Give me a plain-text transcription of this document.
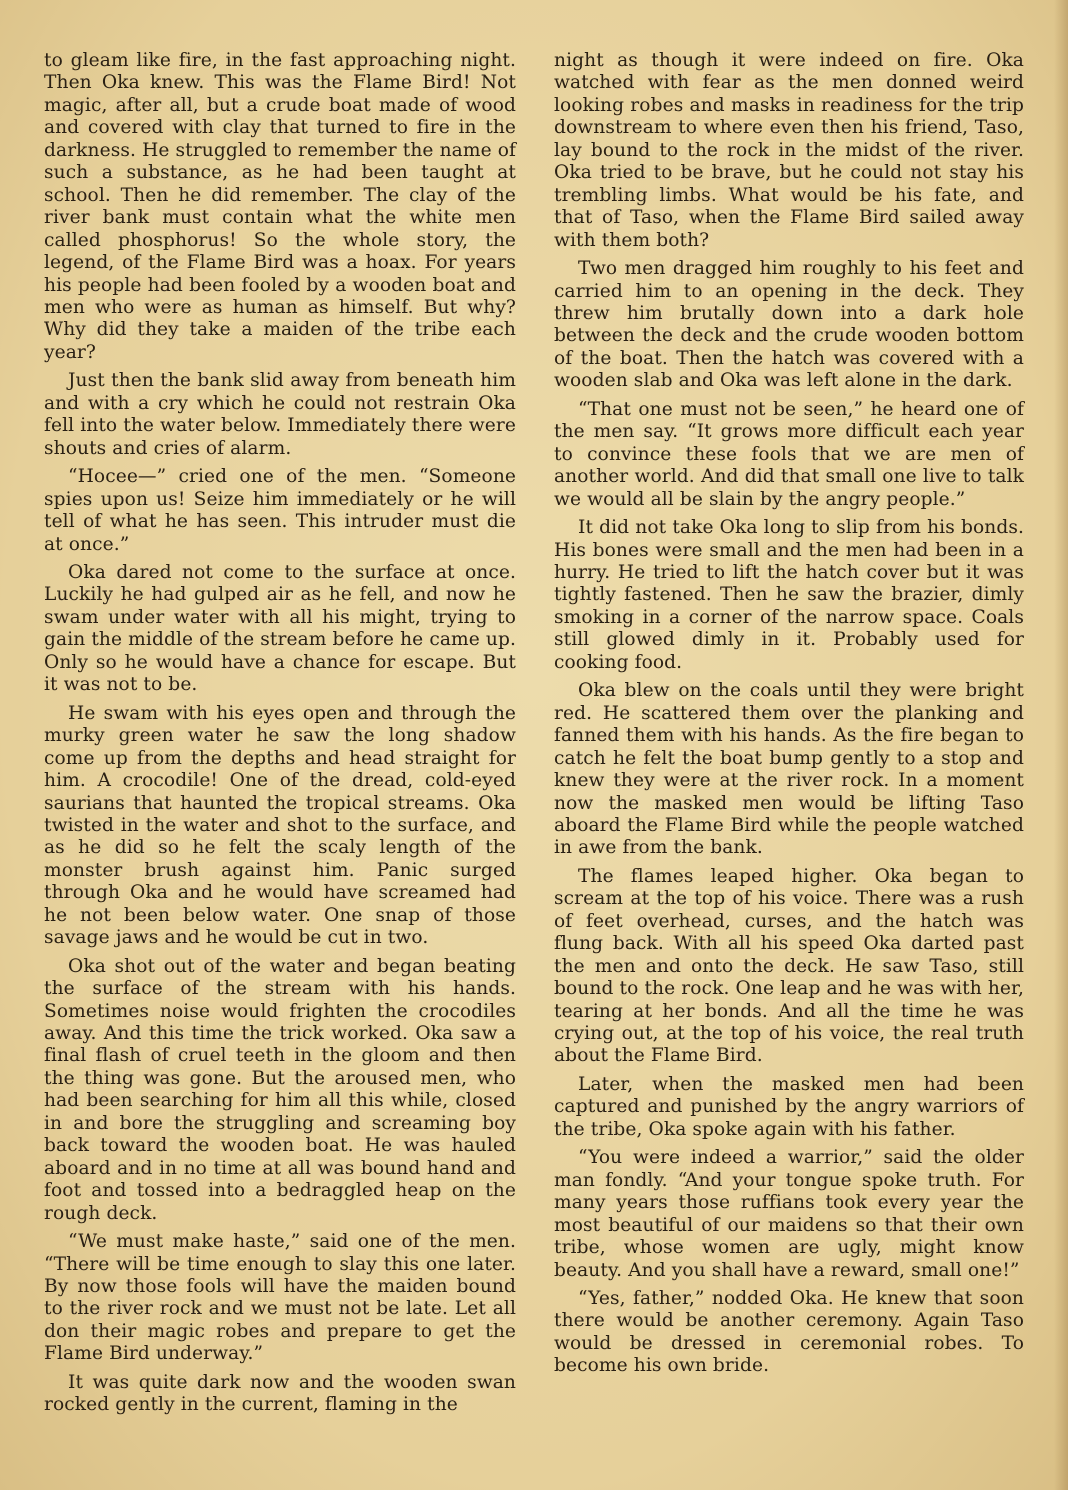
to gleam like fire, in the fast approaching night. Then Oka knew. This was the Flame Bird! Not magic, after all, but a crude boat made of wood and covered with clay that turned to fire in the darkness. He struggled to remember the name of such a substance, as he had been taught at school. Then he did remember. The clay of the river bank must contain what the white men called phosphorus! So the whole story, the legend, of the Flame Bird was a hoax. For years his people had been fooled by a wooden boat and men who were as human as himself. But why? Why did they take a maiden of the tribe each year?

Just then the bank slid away from beneath him and with a cry which he could not restrain Oka fell into the water below. Immediately there were shouts and cries of alarm.

“Hocee—” cried one of the men. “Someone spies upon us! Seize him immediately or he will tell of what he has seen. This intruder must die at once.”

Oka dared not come to the surface at once. Luckily he had gulped air as he fell, and now he swam under water with all his might, trying to gain the middle of the stream before he came up. Only so he would have a chance for escape. But it was not to be.

He swam with his eyes open and through the murky green water he saw the long shadow come up from the depths and head straight for him. A crocodile! One of the dread, cold-eyed saurians that haunted the tropical streams. Oka twisted in the water and shot to the surface, and as he did so he felt the scaly length of the monster brush against him. Panic surged through Oka and he would have screamed had he not been below water. One snap of those savage jaws and he would be cut in two.

Oka shot out of the water and began beating the surface of the stream with his hands. Sometimes noise would frighten the crocodiles away. And this time the trick worked. Oka saw a final flash of cruel teeth in the gloom and then the thing was gone. But the aroused men, who had been searching for him all this while, closed in and bore the struggling and screaming boy back toward the wooden boat. He was hauled aboard and in no time at all was bound hand and foot and tossed into a bedraggled heap on the rough deck.

“We must make haste,” said one of the men. “There will be time enough to slay this one later. By now those fools will have the maiden bound to the river rock and we must not be late. Let all don their magic robes and prepare to get the Flame Bird underway.”

It was quite dark now and the wooden swan rocked gently in the current, flaming in the

night as though it were indeed on fire. Oka watched with fear as the men donned weird looking robes and masks in readiness for the trip downstream to where even then his friend, Taso, lay bound to the rock in the midst of the river. Oka tried to be brave, but he could not stay his trembling limbs. What would be his fate, and that of Taso, when the Flame Bird sailed away with them both?

Two men dragged him roughly to his feet and carried him to an opening in the deck. They threw him brutally down into a dark hole between the deck and the crude wooden bottom of the boat. Then the hatch was covered with a wooden slab and Oka was left alone in the dark.

“That one must not be seen,” he heard one of the men say. “It grows more difficult each year to convince these fools that we are men of another world. And did that small one live to talk we would all be slain by the angry people.”

It did not take Oka long to slip from his bonds. His bones were small and the men had been in a hurry. He tried to lift the hatch cover but it was tightly fastened. Then he saw the brazier, dimly smoking in a corner of the narrow space. Coals still glowed dimly in it. Probably used for cooking food.

Oka blew on the coals until they were bright red. He scattered them over the planking and fanned them with his hands. As the fire began to catch he felt the boat bump gently to a stop and knew they were at the river rock. In a moment now the masked men would be lifting Taso aboard the Flame Bird while the people watched in awe from the bank.

The flames leaped higher. Oka began to scream at the top of his voice. There was a rush of feet overhead, curses, and the hatch was flung back. With all his speed Oka darted past the men and onto the deck. He saw Taso, still bound to the rock. One leap and he was with her, tearing at her bonds. And all the time he was crying out, at the top of his voice, the real truth about the Flame Bird.

Later, when the masked men had been captured and punished by the angry warriors of the tribe, Oka spoke again with his father.

“You were indeed a warrior,” said the older man fondly. “And your tongue spoke truth. For many years those ruffians took every year the most beautiful of our maidens so that their own tribe, whose women are ugly, might know beauty. And you shall have a reward, small one!”

“Yes, father,” nodded Oka. He knew that soon there would be another ceremony. Again Taso would be dressed in ceremonial robes. To become his own bride.
